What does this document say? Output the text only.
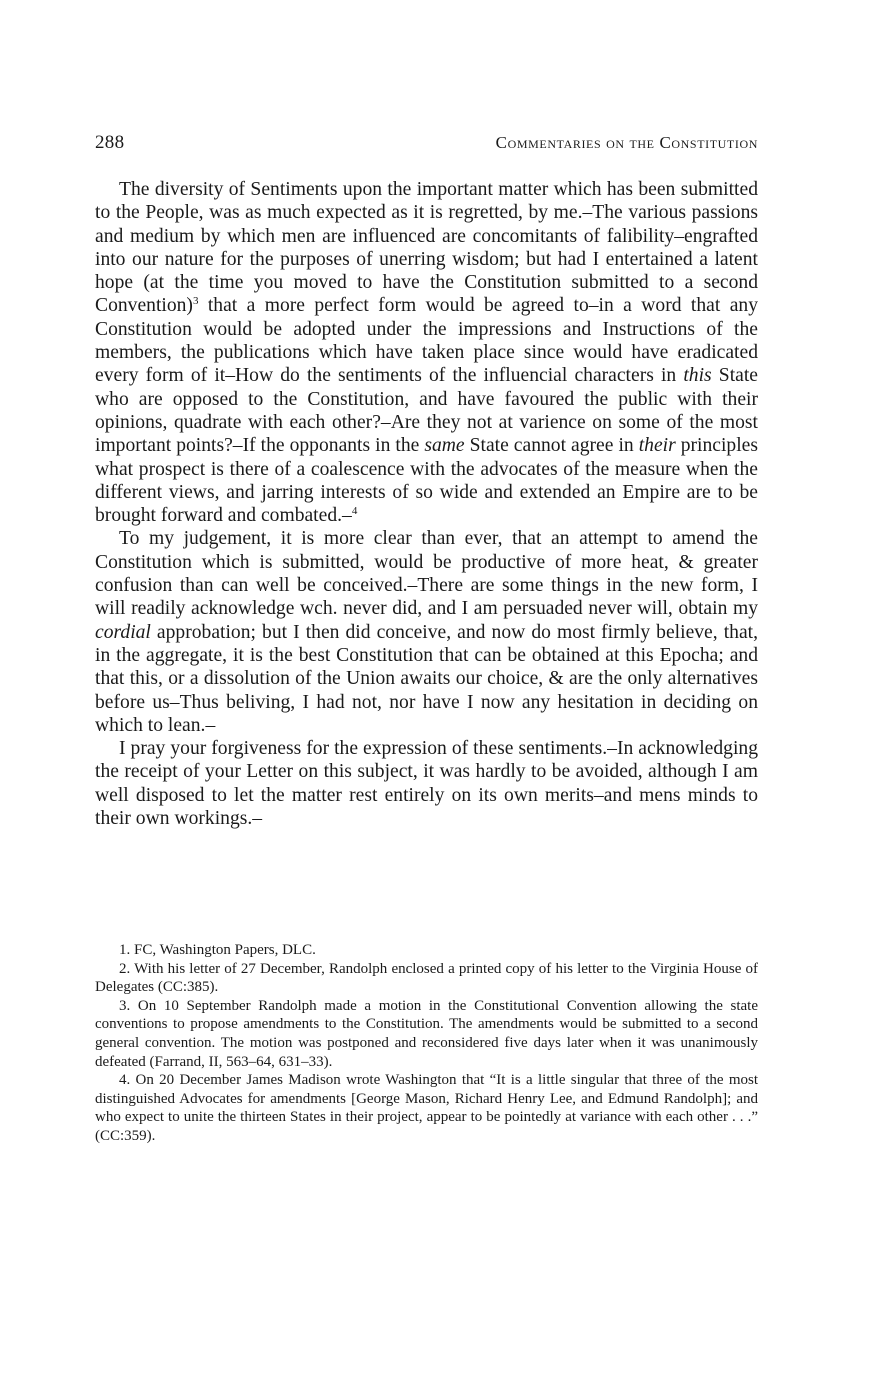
288	Commentaries on the Constitution

The diversity of Sentiments upon the important matter which has been submitted to the People, was as much expected as it is regretted, by me.–The various passions and medium by which men are influenced are concomitants of falibility–engrafted into our nature for the purposes of unerring wisdom; but had I entertained a latent hope (at the time you moved to have the Constitution submitted to a second Convention)$^3$ that a more perfect form would be agreed to–in a word that any Constitution would be adopted under the impressions and Instructions of the members, the publications which have taken place since would have eradicated every form of it–How do the sentiments of the influencial characters in this State who are opposed to the Constitution, and have favoured the public with their opinions, quadrate with each other?–Are they not at varience on some of the most important points?–If the opponants in the same State cannot agree in their principles what prospect is there of a coalescence with the advocates of the measure when the different views, and jarring interests of so wide and extended an Empire are to be brought forward and combated.–$^4$

To my judgement, it is more clear than ever, that an attempt to amend the Constitution which is submitted, would be productive of more heat, & greater confusion than can well be conceived.–There are some things in the new form, I will readily acknowledge wch. never did, and I am persuaded never will, obtain my cordial approbation; but I then did conceive, and now do most firmly believe, that, in the aggregate, it is the best Constitution that can be obtained at this Epocha; and that this, or a dissolution of the Union awaits our choice, & are the only alternatives before us–Thus beliving, I had not, nor have I now any hesitation in deciding on which to lean.–

I pray your forgiveness for the expression of these sentiments.–In acknowledging the receipt of your Letter on this subject, it was hardly to be avoided, although I am well disposed to let the matter rest entirely on its own merits–and mens minds to their own workings.–

1. FC, Washington Papers, DLC.

2. With his letter of 27 December, Randolph enclosed a printed copy of his letter to the Virginia House of Delegates (CC:385).

3. On 10 September Randolph made a motion in the Constitutional Convention allowing the state conventions to propose amendments to the Constitution. The amendments would be submitted to a second general convention. The motion was postponed and reconsidered five days later when it was unanimously defeated (Farrand, II, 563–64, 631–33).

4. On 20 December James Madison wrote Washington that “It is a little singular that three of the most distinguished Advocates for amendments [George Mason, Richard Henry Lee, and Edmund Randolph]; and who expect to unite the thirteen States in their project, appear to be pointedly at variance with each other . . .” (CC:359).
